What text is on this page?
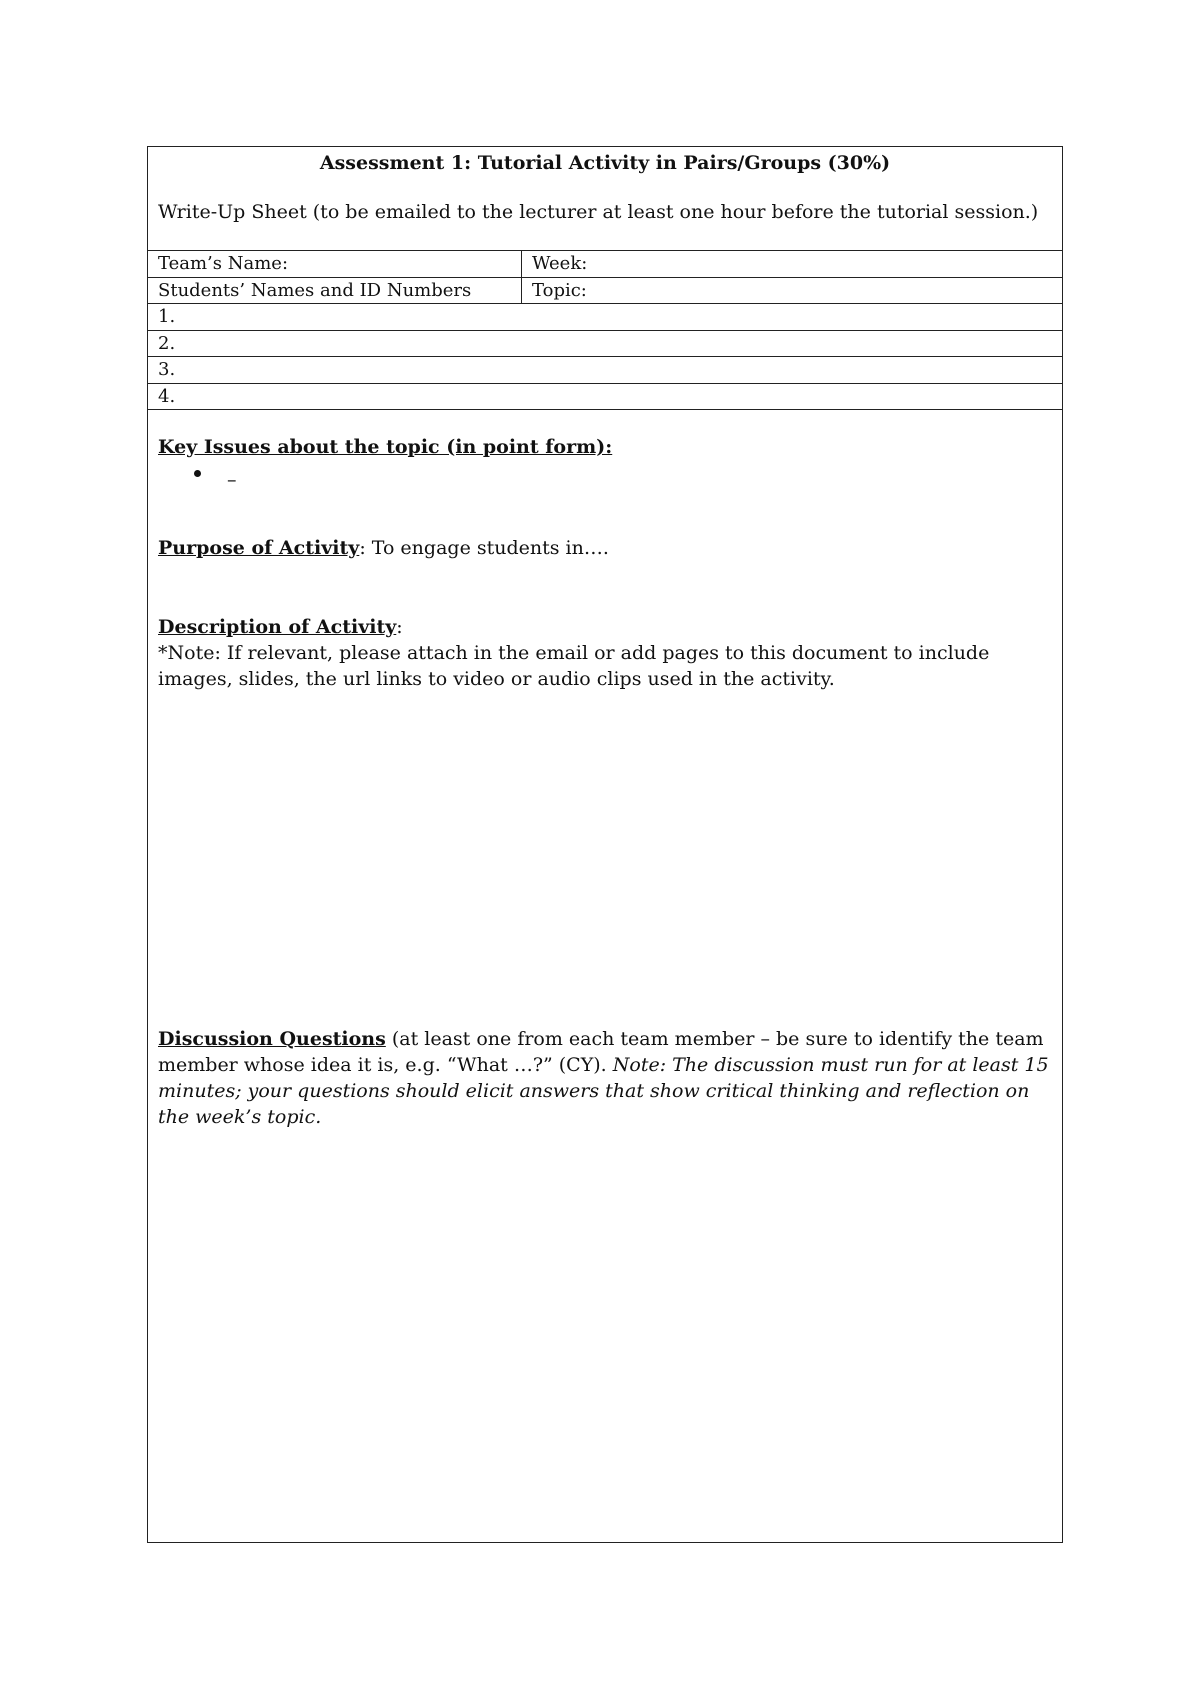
Assessment 1: Tutorial Activity in Pairs/Groups (30%)
Write-Up Sheet (to be emailed to the lecturer at least one hour before the tutorial session.)
Team’s Name:	Week:
Students’ Names and ID Numbers	Topic:
1.
2.
3.
4.
Key Issues about the topic (in point form):
–
Purpose of Activity: To engage students in….
Description of Activity:
*Note: If relevant, please attach in the email or add pages to this document to include images, slides, the url links to video or audio clips used in the activity.
Discussion Questions (at least one from each team member – be sure to identify the team member whose idea it is, e.g. “What …?” (CY). Note: The discussion must run for at least 15 minutes; your questions should elicit answers that show critical thinking and reflection on the week’s topic.
